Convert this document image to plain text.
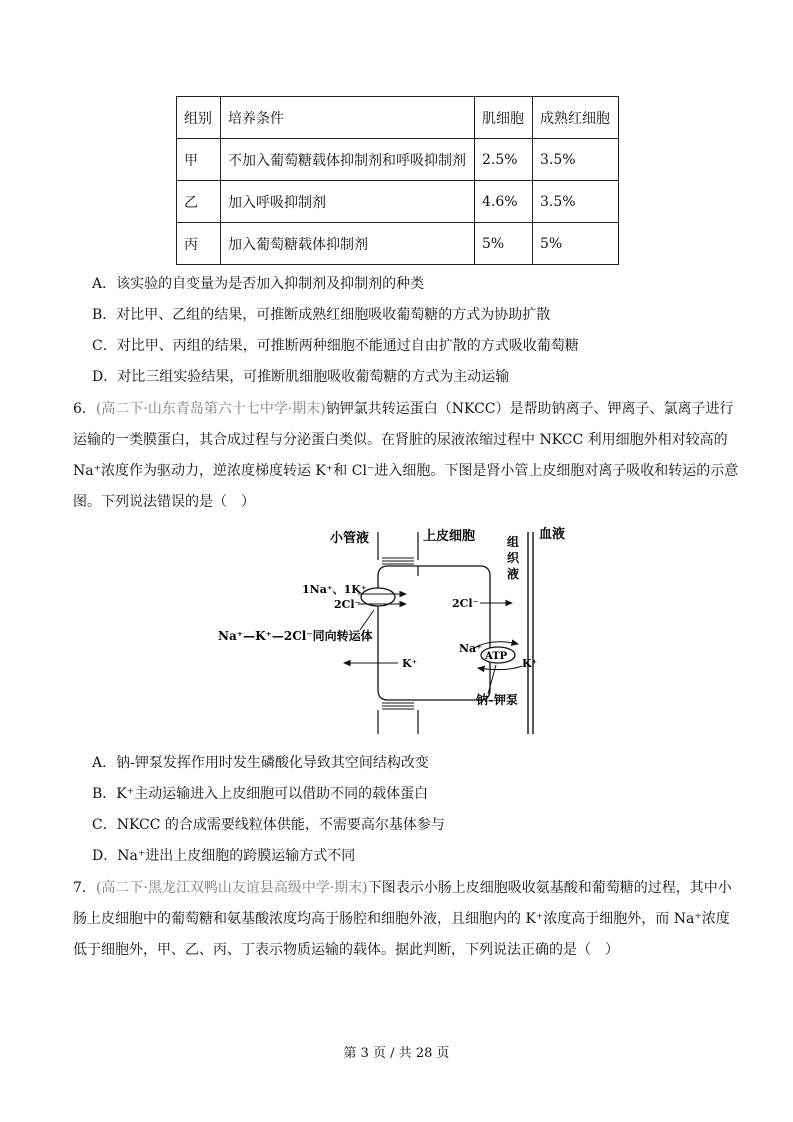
组别	培养条件	肌细胞	成熟红细胞
甲	不加入葡萄糖载体抑制剂和呼吸抑制剂	2.5%	3.5%
乙	加入呼吸抑制剂	4.6%	3.5%
丙	加入葡萄糖载体抑制剂	5%	5%
A．该实验的自变量为是否加入抑制剂及抑制剂的种类
B．对比甲、乙组的结果，可推断成熟红细胞吸收葡萄糖的方式为协助扩散
C．对比甲、丙组的结果，可推断两种细胞不能通过自由扩散的方式吸收葡萄糖
D．对比三组实验结果，可推断肌细胞吸收葡萄糖的方式为主动运输
6．(高二下·山东青岛第六十七中学·期末)钠钾氯共转运蛋白（NKCC）是帮助钠离子、钾离子、氯离子进行
运输的一类膜蛋白，其合成过程与分泌蛋白类似。在肾脏的尿液浓缩过程中 NKCC 利用细胞外相对较高的
Na⁺浓度作为驱动力，逆浓度梯度转运 K⁺和 Cl⁻进入细胞。下图是肾小管上皮细胞对离子吸收和转运的示意
图。下列说法错误的是（　）
小管液	上皮细胞	组
织
液
血液
1Na⁺、1K⁺
2Cl⁻
Na⁺—K⁺—2Cl⁻同向转运体
2Cl⁻
K⁺
Na⁺
ATP
K⁺
钠–钾泵
A．钠-钾泵发挥作用时发生磷酸化导致其空间结构改变
B．K⁺主动运输进入上皮细胞可以借助不同的载体蛋白
C．NKCC 的合成需要线粒体供能，不需要高尔基体参与
D．Na⁺进出上皮细胞的跨膜运输方式不同
7．(高二下·黑龙江双鸭山友谊县高级中学·期末)下图表示小肠上皮细胞吸收氨基酸和葡萄糖的过程，其中小
肠上皮细胞中的葡萄糖和氨基酸浓度均高于肠腔和细胞外液，且细胞内的 K⁺浓度高于细胞外，而 Na⁺浓度
低于细胞外，甲、乙、丙、丁表示物质运输的载体。据此判断，下列说法正确的是（　）
第 3 页 / 共 28 页
